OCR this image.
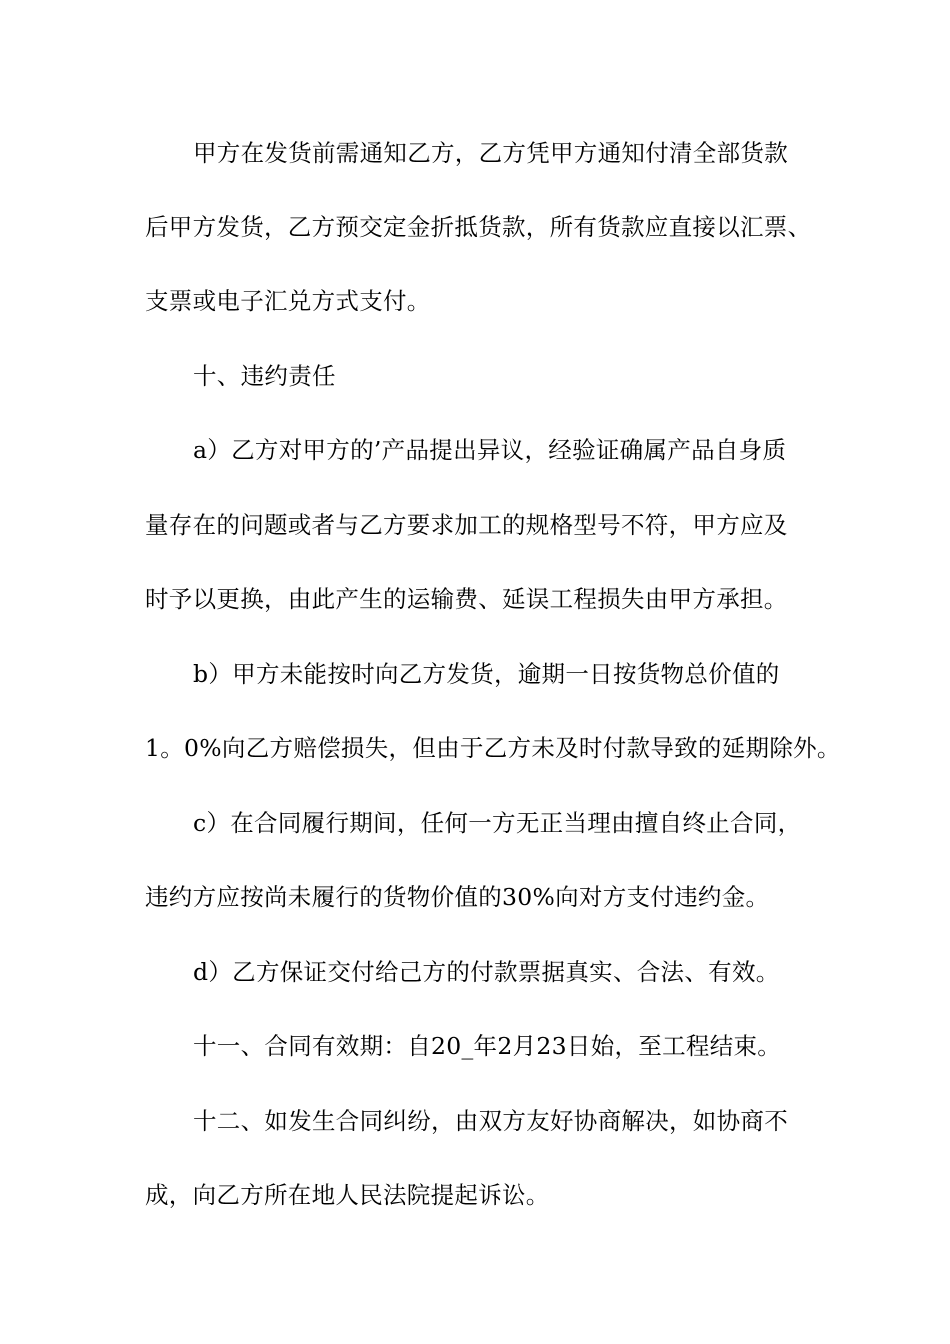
甲方在发货前需通知乙方，乙方凭甲方通知付清全部货款
后甲方发货，乙方预交定金折抵货款，所有货款应直接以汇票、
支票或电子汇兑方式支付。
十、违约责任
a）乙方对甲方的’产品提出异议，经验证确属产品自身质
量存在的问题或者与乙方要求加工的规格型号不符，甲方应及
时予以更换，由此产生的运输费、延误工程损失由甲方承担。
b）甲方未能按时向乙方发货，逾期一日按货物总价值的
1。0%向乙方赔偿损失，但由于乙方未及时付款导致的延期除外。
c）在合同履行期间，任何一方无正当理由擅自终止合同，
违约方应按尚未履行的货物价值的30%向对方支付违约金。
d）乙方保证交付给己方的付款票据真实、合法、有效。
十一、合同有效期：自20_年2月23日始，至工程结束。
十二、如发生合同纠纷，由双方友好协商解决，如协商不
成，向乙方所在地人民法院提起诉讼。
